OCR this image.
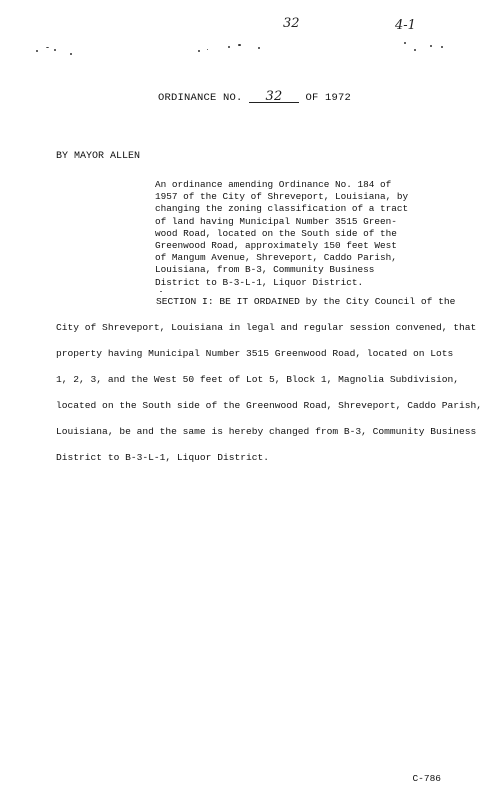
32	4-1
ORDINANCE NO. 32 OF 1972
BY MAYOR ALLEN
An ordinance amending Ordinance No. 184 of
1957 of the City of Shreveport, Louisiana, by
changing the zoning classification of a tract
of land having Municipal Number 3515 Green-
wood Road, located on the South side of the
Greenwood Road, approximately 150 feet West
of Mangum Avenue, Shreveport, Caddo Parish,
Louisiana, from B-3, Community Business
District to B-3-L-1, Liquor District.
SECTION I: BE IT ORDAINED by the City Council of the
City of Shreveport, Louisiana in legal and regular session convened, that
property having Municipal Number 3515 Greenwood Road, located on Lots
1, 2, 3, and the West 50 feet of Lot 5, Block 1, Magnolia Subdivision,
located on the South side of the Greenwood Road, Shreveport, Caddo Parish,
Louisiana, be and the same is hereby changed from B-3, Community Business
District to B-3-L-1, Liquor District.
C-786
